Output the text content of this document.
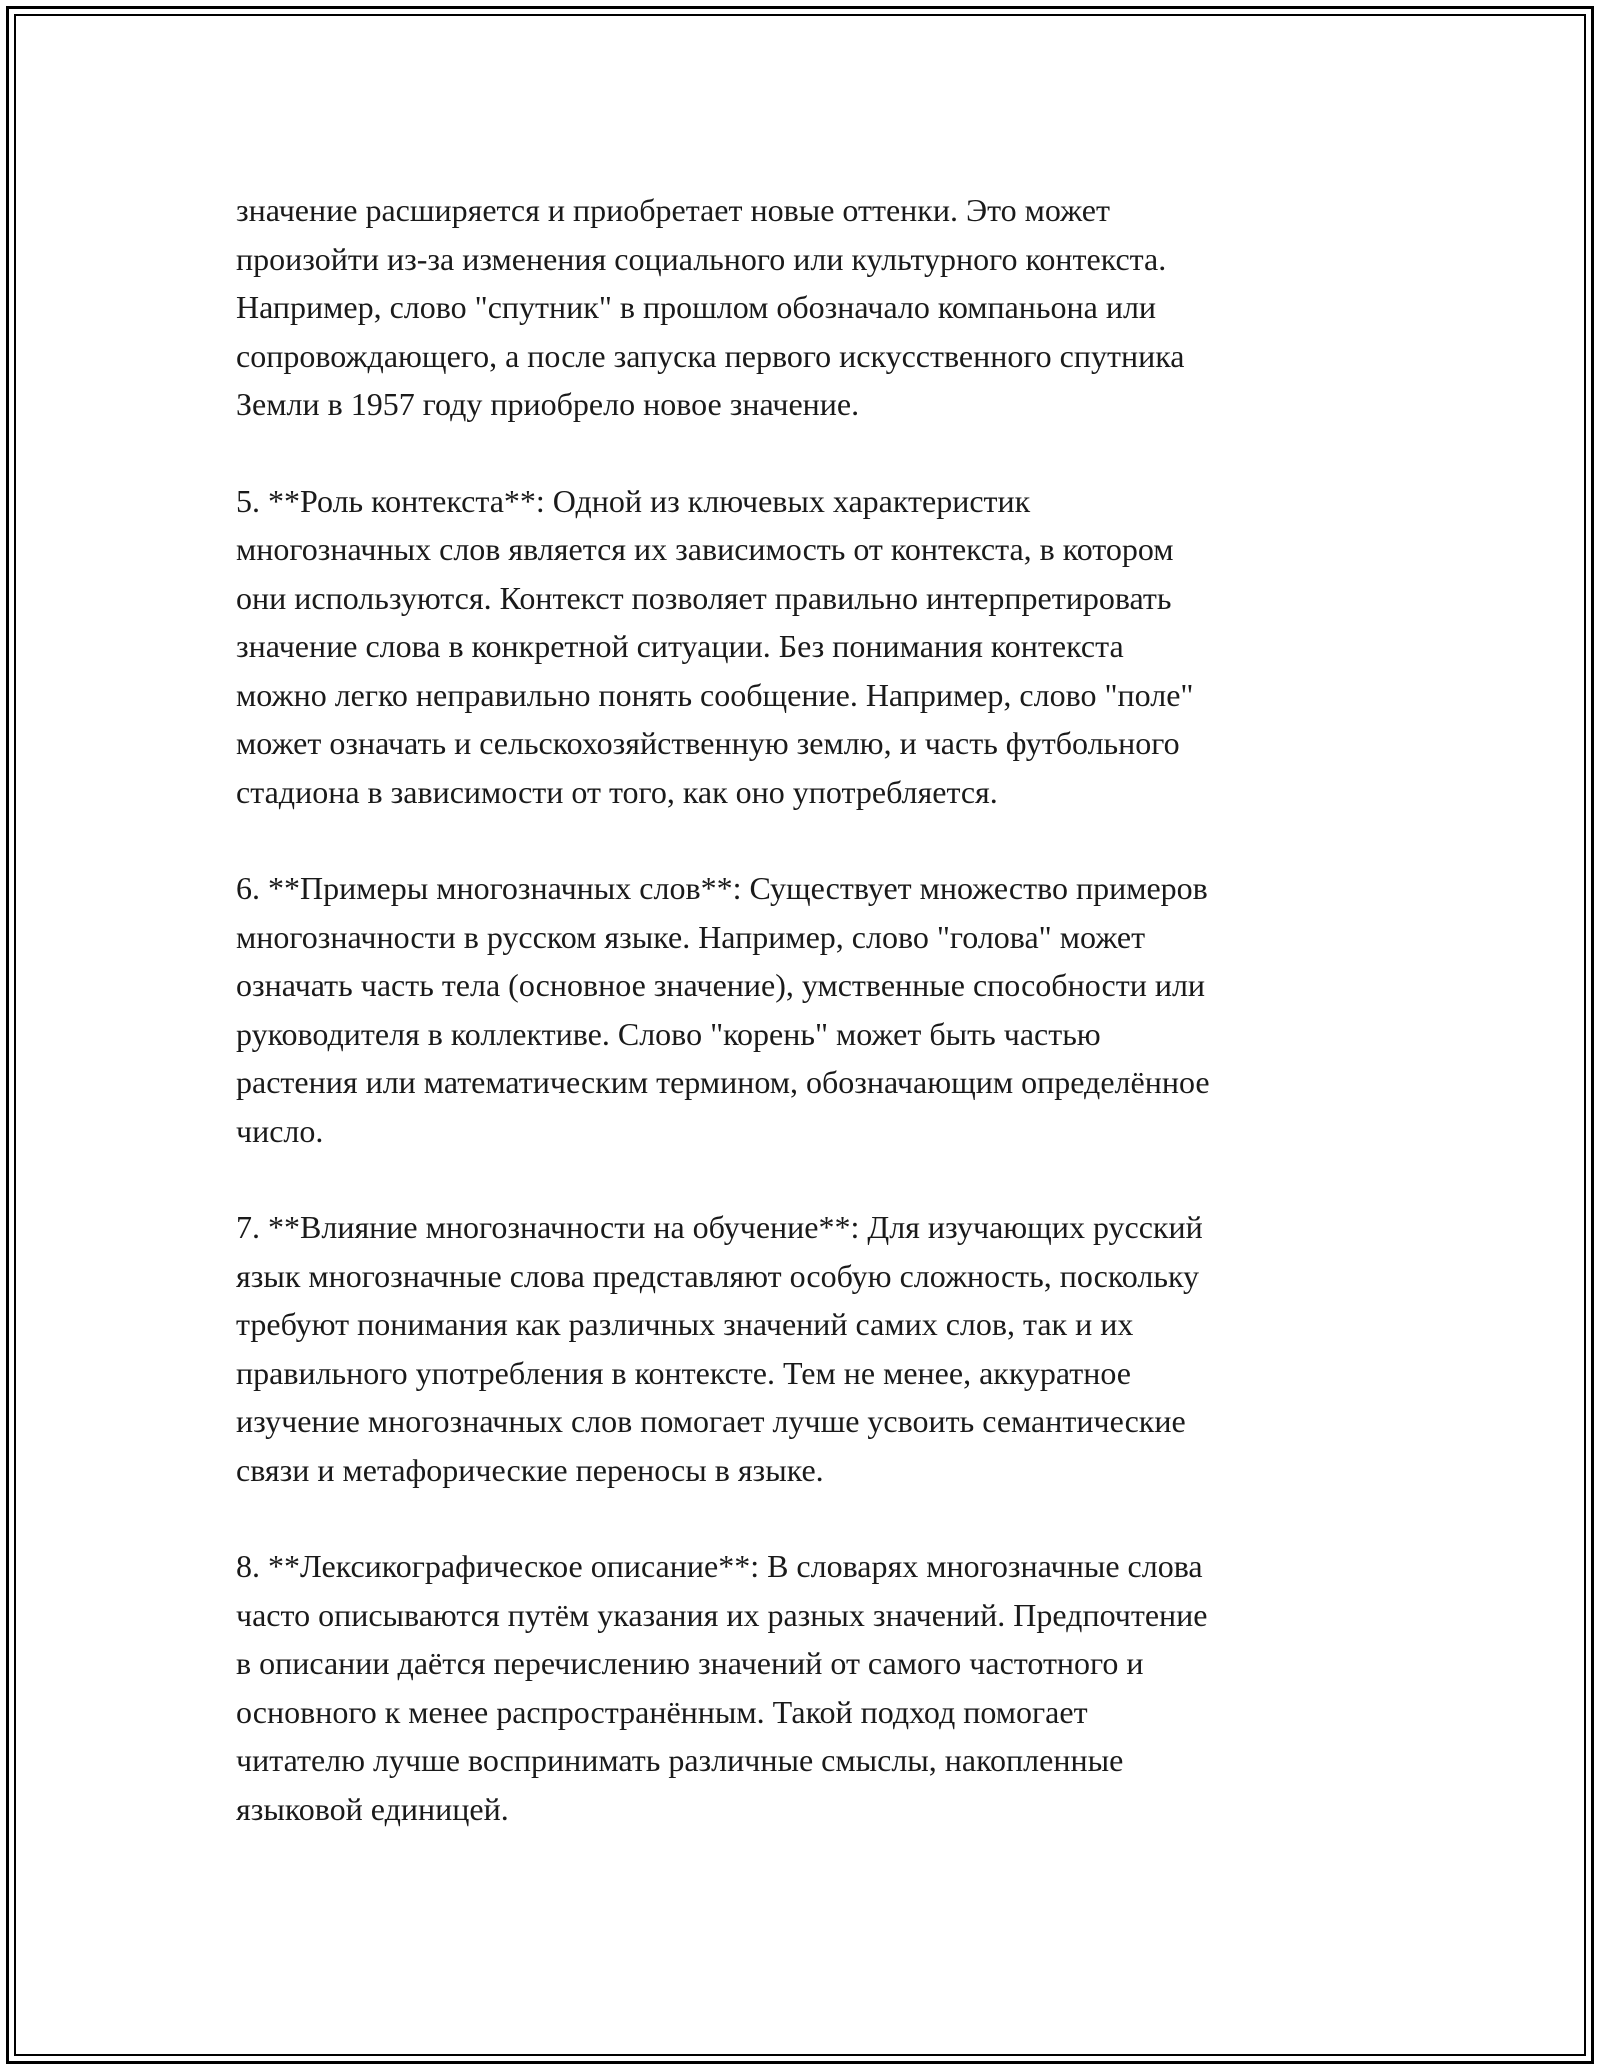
значение расширяется и приобретает новые оттенки. Это может
произойти из-за изменения социального или культурного контекста.
Например, слово "спутник" в прошлом обозначало компаньона или
сопровождающего, а после запуска первого искусственного спутника
Земли в 1957 году приобрело новое значение.

5. **Роль контекста**: Одной из ключевых характеристик
многозначных слов является их зависимость от контекста, в котором
они используются. Контекст позволяет правильно интерпретировать
значение слова в конкретной ситуации. Без понимания контекста
можно легко неправильно понять сообщение. Например, слово "поле"
может означать и сельскохозяйственную землю, и часть футбольного
стадиона в зависимости от того, как оно употребляется.

6. **Примеры многозначных слов**: Существует множество примеров
многозначности в русском языке. Например, слово "голова" может
означать часть тела (основное значение), умственные способности или
руководителя в коллективе. Слово "корень" может быть частью
растения или математическим термином, обозначающим определённое
число.

7. **Влияние многозначности на обучение**: Для изучающих русский
язык многозначные слова представляют особую сложность, поскольку
требуют понимания как различных значений самих слов, так и их
правильного употребления в контексте. Тем не менее, аккуратное
изучение многозначных слов помогает лучше усвоить семантические
связи и метафорические переносы в языке.

8. **Лексикографическое описание**: В словарях многозначные слова
часто описываются путём указания их разных значений. Предпочтение
в описании даётся перечислению значений от самого частотного и
основного к менее распространённым. Такой подход помогает
читателю лучше воспринимать различные смыслы, накопленные
языковой единицей.
